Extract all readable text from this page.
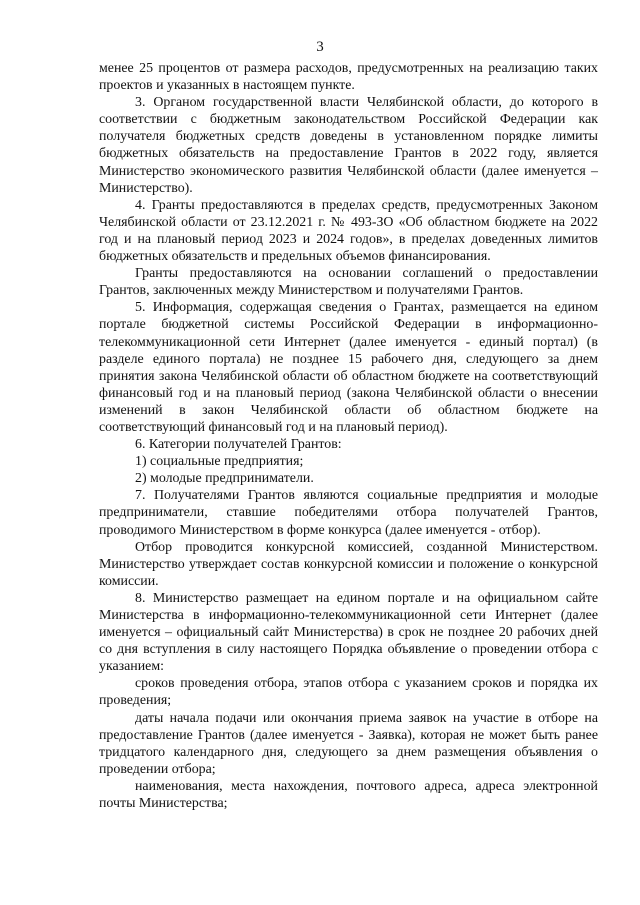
3

менее 25 процентов от размера расходов, предусмотренных на реализацию таких проектов и указанных в настоящем пункте.

3. Органом государственной власти Челябинской области, до которого в соответствии с бюджетным законодательством Российской Федерации как получателя бюджетных средств доведены в установленном порядке лимиты бюджетных обязательств на предоставление Грантов в 2022 году, является Министерство экономического развития Челябинской области (далее именуется – Министерство).

4. Гранты предоставляются в пределах средств, предусмотренных Законом Челябинской области от 23.12.2021 г. № 493-ЗО «Об областном бюджете на 2022 год и на плановый период 2023 и 2024 годов», в пределах доведенных лимитов бюджетных обязательств и предельных объемов финансирования.

Гранты предоставляются на основании соглашений о предоставлении Грантов, заключенных между Министерством и получателями Грантов.

5. Информация, содержащая сведения о Грантах, размещается на едином портале бюджетной системы Российской Федерации в информационно-телекоммуникационной сети Интернет (далее именуется - единый портал) (в разделе единого портала) не позднее 15 рабочего дня, следующего за днем принятия закона Челябинской области об областном бюджете на соответствующий финансовый год и на плановый период (закона Челябинской области о внесении изменений в закон Челябинской области об областном бюджете на соответствующий финансовый год и на плановый период).

6. Категории получателей Грантов:

1) социальные предприятия;

2) молодые предприниматели.

7. Получателями Грантов являются социальные предприятия и молодые предприниматели, ставшие победителями отбора получателей Грантов, проводимого Министерством в форме конкурса (далее именуется - отбор).

Отбор проводится конкурсной комиссией, созданной Министерством. Министерство утверждает состав конкурсной комиссии и положение о конкурсной комиссии.

8. Министерство размещает на едином портале и на официальном сайте Министерства в информационно-телекоммуникационной сети Интернет (далее именуется – официальный сайт Министерства) в срок не позднее 20 рабочих дней со дня вступления в силу настоящего Порядка объявление о проведении отбора с указанием:

сроков проведения отбора, этапов отбора с указанием сроков и порядка их проведения;

даты начала подачи или окончания приема заявок на участие в отборе на предоставление Грантов (далее именуется - Заявка), которая не может быть ранее тридцатого календарного дня, следующего за днем размещения объявления о проведении отбора;

наименования, места нахождения, почтового адреса, адреса электронной почты Министерства;
